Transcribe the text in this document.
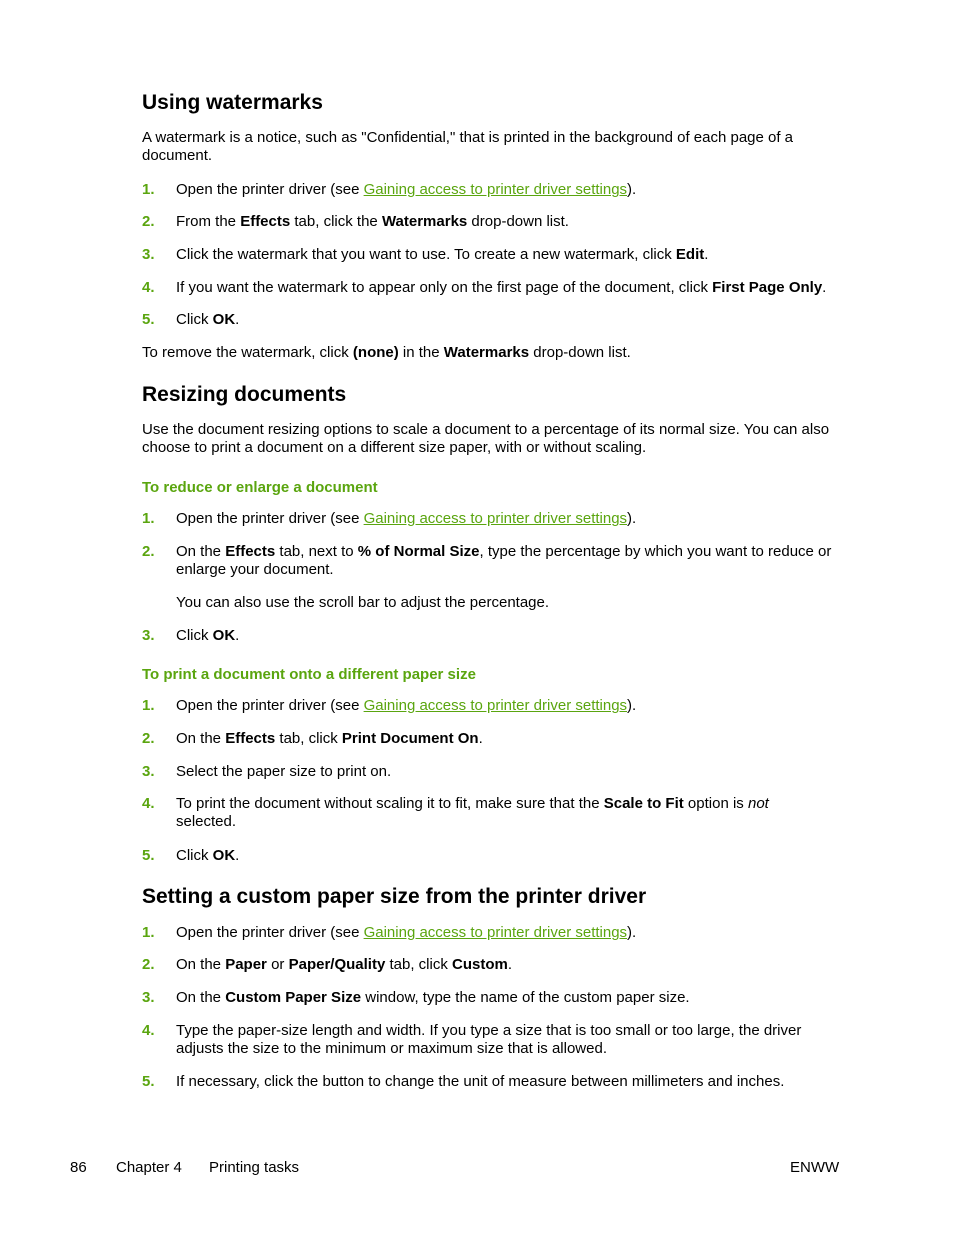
Using watermarks

A watermark is a notice, such as "Confidential," that is printed in the background of each page of a document.

1. Open the printer driver (see Gaining access to printer driver settings).
2. From the Effects tab, click the Watermarks drop-down list.
3. Click the watermark that you want to use. To create a new watermark, click Edit.
4. If you want the watermark to appear only on the first page of the document, click First Page Only.
5. Click OK.

To remove the watermark, click (none) in the Watermarks drop-down list.

Resizing documents

Use the document resizing options to scale a document to a percentage of its normal size. You can also choose to print a document on a different size paper, with or without scaling.

To reduce or enlarge a document
1. Open the printer driver (see Gaining access to printer driver settings).
2. On the Effects tab, next to % of Normal Size, type the percentage by which you want to reduce or enlarge your document.
You can also use the scroll bar to adjust the percentage.
3. Click OK.
To print a document onto a different paper size
1. Open the printer driver (see Gaining access to printer driver settings).
2. On the Effects tab, click Print Document On.
3. Select the paper size to print on.
4. To print the document without scaling it to fit, make sure that the Scale to Fit option is not
selected.
5. Click OK.
Setting a custom paper size from the printer driver
1. Open the printer driver (see Gaining access to printer driver settings).
2. On the Paper or Paper/Quality tab, click Custom.
3. On the Custom Paper Size window, type the name of the custom paper size.
4. Type the paper-size length and width. If you type a size that is too small or too large, the driver adjusts the size to the minimum or maximum size that is allowed.
5. If necessary, click the button to change the unit of measure between millimeters and inches.
86 Chapter 4 Printing tasks	ENWW
